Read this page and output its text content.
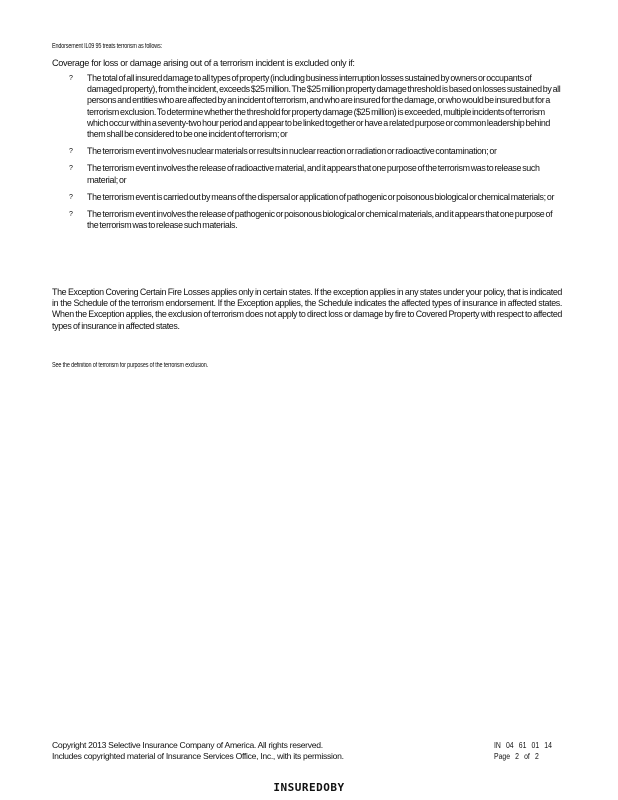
Endorsement IL09 95 treats terrorism as follows:
Coverage for loss or damage arising out of a terrorism incident is excluded only if:
? The total of all insured damage to all types of property (including business interruption losses sustained by owners or occupants of damaged property), from the incident, exceeds $25 million. The $25 million property damage threshold is based on losses sustained by all persons and entities who are affected by an incident of terrorism, and who are insured for the damage, or who would be insured but for a terrorism exclusion. To determine whether the threshold for property damage ($25 million) is exceeded, multiple incidents of terrorism which occur within a seventy-two hour period and appear to be linked together or have a related purpose or common leadership behind them shall be considered to be one incident of terrorism; or
? The terrorism event involves nuclear materials or results in nuclear reaction or radiation or radioactive contamination; or
? The terrorism event involves the release of radioactive material, and it appears that one purpose of the terrorism was to release such material; or
? The terrorism event is carried out by means of the dispersal or application of pathogenic or poisonous biological or chemical materials; or
? The terrorism event involves the release of pathogenic or poisonous biological or chemical materials, and it appears that one purpose of the terrorism was to release such materials.
The Exception Covering Certain Fire Losses applies only in certain states. If the exception applies in any states under your policy, that is indicated in the Schedule of the terrorism endorsement. If the Exception applies, the Schedule indicates the affected types of insurance in affected states. When the Exception applies, the exclusion of terrorism does not apply to direct loss or damage by fire to Covered Property with respect to affected types of insurance in affected states.
See the definition of terrorism for purposes of the terrorism exclusion.
Copyright 2013 Selective Insurance Company of America. All rights reserved.
Includes copyrighted material of Insurance Services Office, Inc., with its permission.
IN 04 61 01 14
Page 2 of 2
INSUREDOBY
